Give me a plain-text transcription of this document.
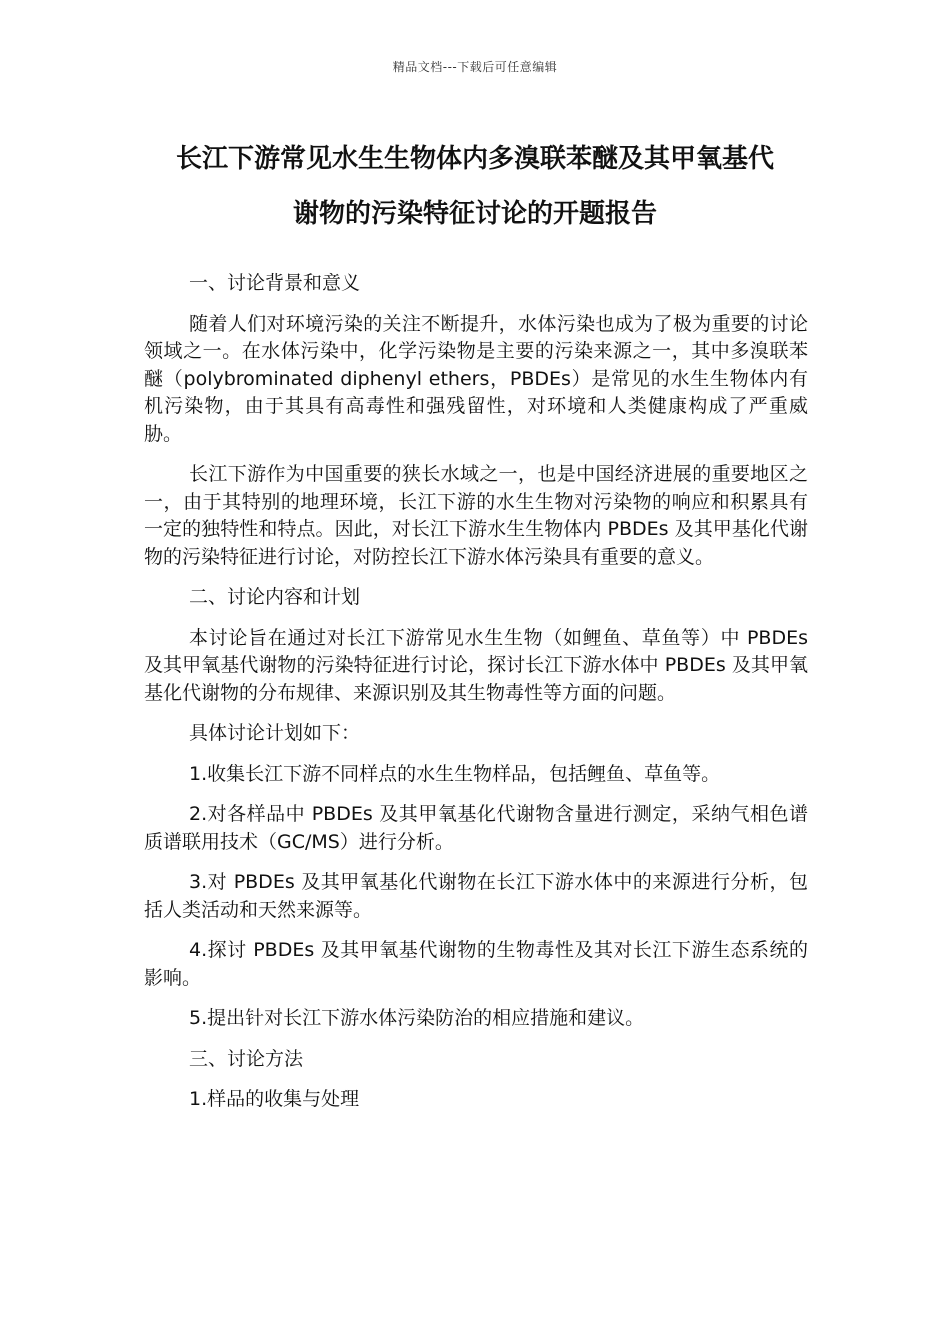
精品文档---下载后可任意编辑
长江下游常见水生生物体内多溴联苯醚及其甲氧基代
谢物的污染特征讨论的开题报告

一、讨论背景和意义

随着人们对环境污染的关注不断提升，水体污染也成为了极为重要的讨论领域之一。在水体污染中，化学污染物是主要的污染来源之一，其中多溴联苯醚（polybrominated diphenyl ethers，PBDEs）是常见的水生生物体内有机污染物，由于其具有高毒性和强残留性，对环境和人类健康构成了严重威胁。

长江下游作为中国重要的狭长水域之一，也是中国经济进展的重要地区之一，由于其特别的地理环境，长江下游的水生生物对污染物的响应和积累具有一定的独特性和特点。因此，对长江下游水生生物体内 PBDEs 及其甲基化代谢物的污染特征进行讨论，对防控长江下游水体污染具有重要的意义。

二、讨论内容和计划

本讨论旨在通过对长江下游常见水生生物（如鲤鱼、草鱼等）中 PBDEs 及其甲氧基代谢物的污染特征进行讨论，探讨长江下游水体中 PBDEs 及其甲氧基化代谢物的分布规律、来源识别及其生物毒性等方面的问题。

具体讨论计划如下：

1.收集长江下游不同样点的水生生物样品，包括鲤鱼、草鱼等。

2.对各样品中 PBDEs 及其甲氧基化代谢物含量进行测定，采纳气相色谱质谱联用技术（GC/MS）进行分析。

3.对 PBDEs 及其甲氧基化代谢物在长江下游水体中的来源进行分析，包括人类活动和天然来源等。

4.探讨 PBDEs 及其甲氧基代谢物的生物毒性及其对长江下游生态系统的影响。

5.提出针对长江下游水体污染防治的相应措施和建议。

三、讨论方法

1.样品的收集与处理
